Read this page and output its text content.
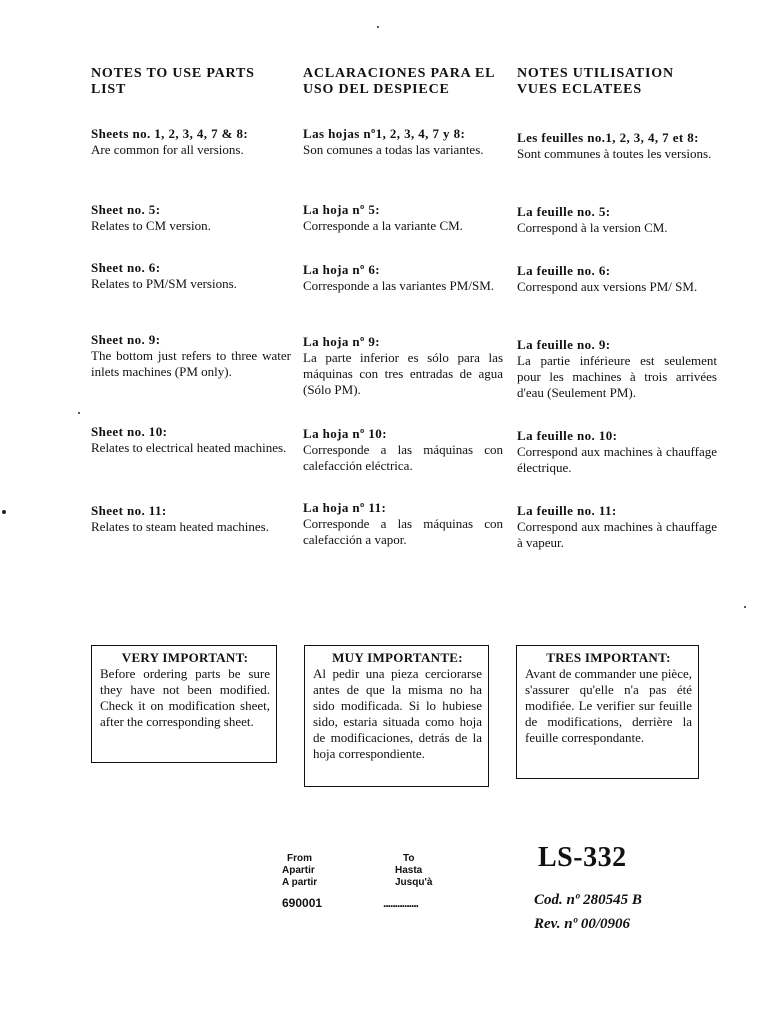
NOTES TO USE PARTS LIST
Sheets no. 1, 2, 3, 4, 7 & 8:
Are common for all versions.
Sheet no. 5:
Relates to CM version.
Sheet no. 6:
Relates to PM/SM versions.
Sheet no. 9:
The bottom just refers to three water inlets machines (PM only).
Sheet no. 10:
Relates to electrical heated machines.
Sheet no. 11:
Relates to steam heated machines.
ACLARACIONES PARA EL USO DEL DESPIECE
Las hojas nº1, 2, 3, 4, 7 y 8:
Son comunes a todas las variantes.
La hoja nº 5:
Corresponde a la variante CM.
La hoja nº 6:
Corresponde a las variantes PM/SM.
La hoja nº 9:
La parte inferior es sólo para las máquinas con tres entradas de agua (Sólo PM).
La hoja nº 10:
Corresponde a las máquinas con calefacción eléctrica.
La hoja nº 11:
Corresponde a las máquinas con calefacción a vapor.
NOTES UTILISATION VUES ECLATEES
Les feuilles no.1, 2, 3, 4, 7 et 8:
Sont communes à toutes les versions.
La feuille no. 5:
Correspond à la version CM.
La feuille no. 6:
Correspond aux versions PM/ SM.
La feuille no. 9:
La partie inférieure est seulement pour les machines à trois arrivées d'eau (Seulement PM).
La feuille no. 10:
Correspond aux machines à chauffage électrique.
La feuille no. 11:
Correspond aux machines à chauffage à vapeur.
VERY IMPORTANT:
Before ordering parts be sure they have not been modified. Check it on modification sheet, after the corresponding sheet.
MUY IMPORTANTE:
Al pedir una pieza cerciorarse antes de que la misma no ha sido modificada. Si lo hubiese sido, estaria situada como hoja de modificaciones, detrás de la hoja correspondiente.
TRES IMPORTANT:
Avant de commander une pièce, s'assurer qu'elle n'a pas été modifiée. Le verifier sur feuille de modifications, derrière la feuille correspondante.
From
Apartir
A partir
690001
To
Hasta
Jusqu'à
...............
LS-332
Cod. nº 280545 B
Rev. nº 00/0906
